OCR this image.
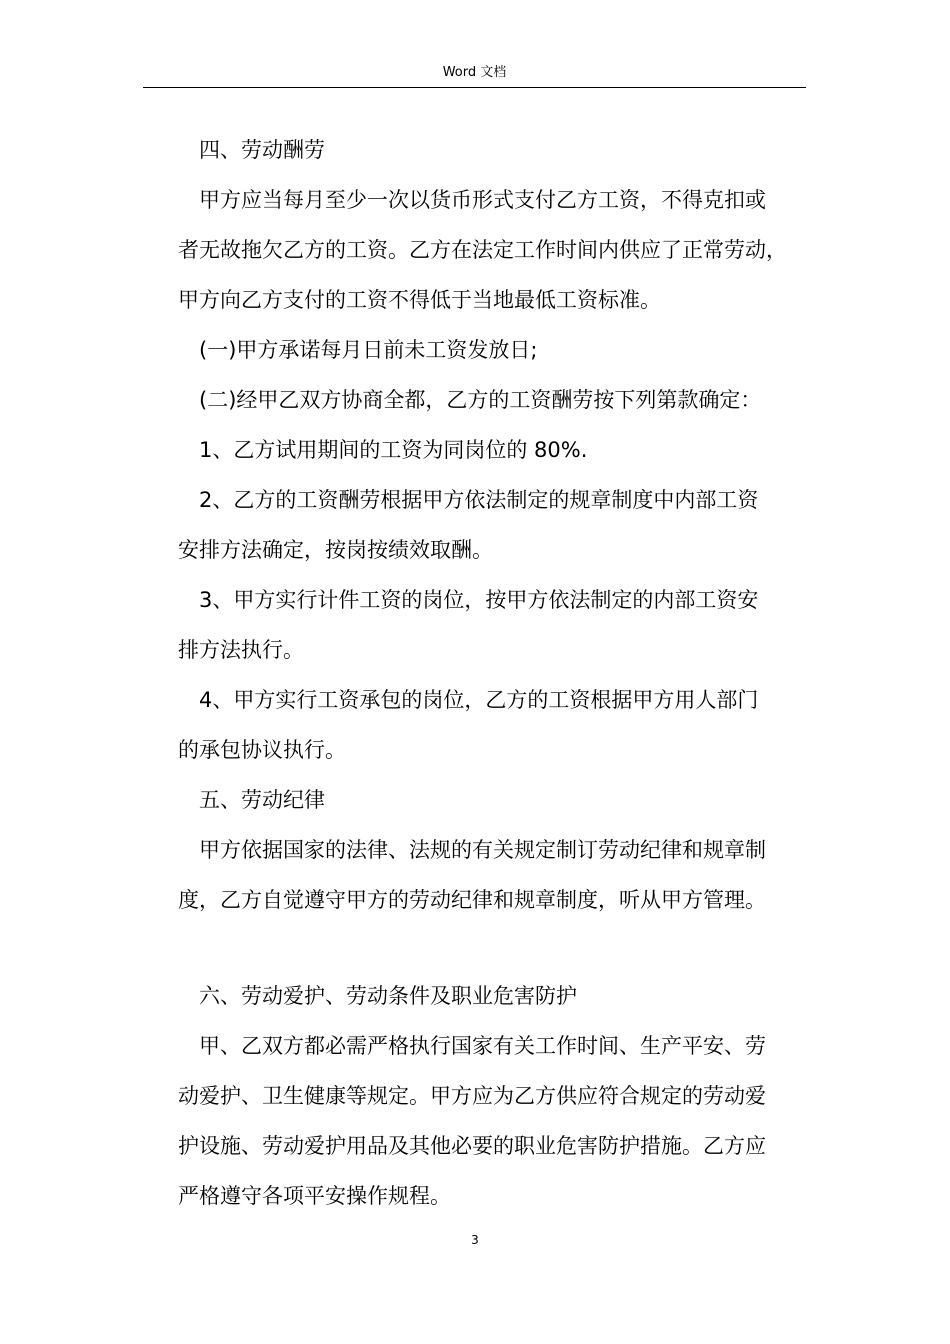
Word 文档
四、劳动酬劳
甲方应当每月至少一次以货币形式支付乙方工资，不得克扣或
者无故拖欠乙方的工资。乙方在法定工作时间内供应了正常劳动，
甲方向乙方支付的工资不得低于当地最低工资标准。
(一)甲方承诺每月日前未工资发放日;
(二)经甲乙双方协商全都，乙方的工资酬劳按下列第款确定：
1、乙方试用期间的工资为同岗位的 80%.
2、乙方的工资酬劳根据甲方依法制定的规章制度中内部工资
安排方法确定，按岗按绩效取酬。
3、甲方实行计件工资的岗位，按甲方依法制定的内部工资安
排方法执行。
4、甲方实行工资承包的岗位，乙方的工资根据甲方用人部门
的承包协议执行。
五、劳动纪律
甲方依据国家的法律、法规的有关规定制订劳动纪律和规章制
度，乙方自觉遵守甲方的劳动纪律和规章制度，听从甲方管理。
六、劳动爱护、劳动条件及职业危害防护
甲、乙双方都必需严格执行国家有关工作时间、生产平安、劳
动爱护、卫生健康等规定。甲方应为乙方供应符合规定的劳动爱
护设施、劳动爱护用品及其他必要的职业危害防护措施。乙方应
严格遵守各项平安操作规程。
3
